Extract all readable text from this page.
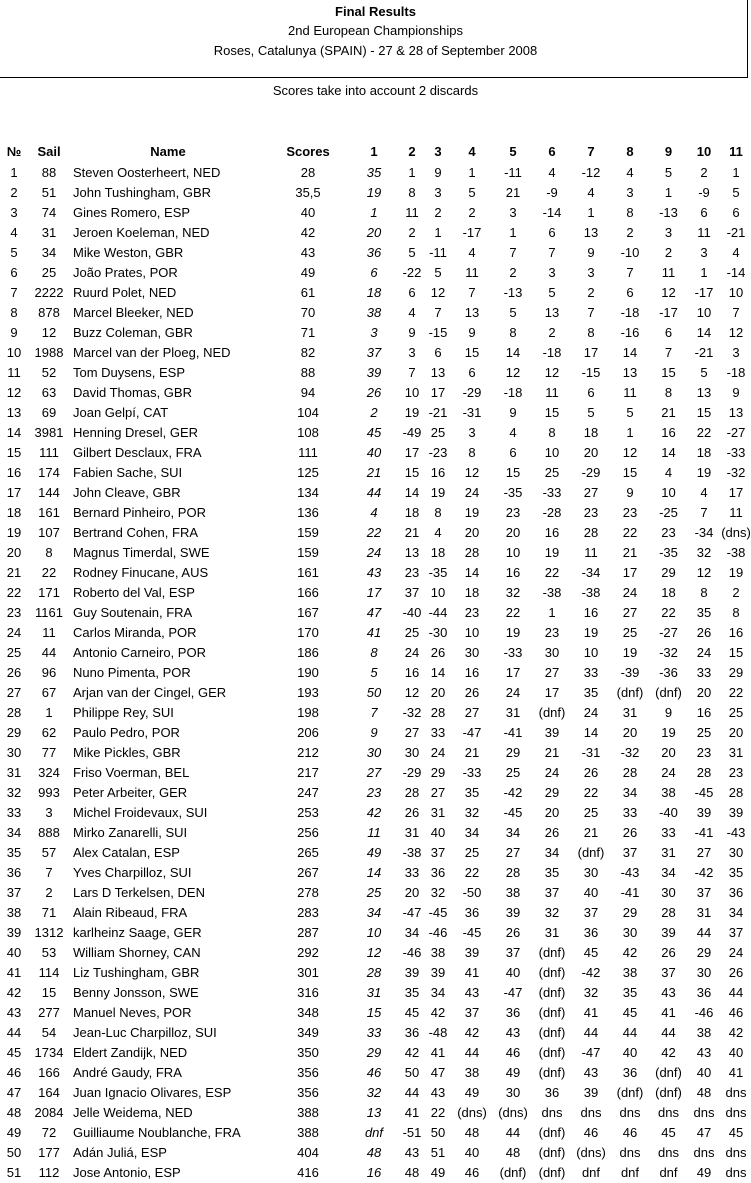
Final Results
2nd European Championships
Roses, Catalunya (SPAIN) - 27 & 28 of September 2008
Scores take into account 2 discards
№	Sail	Name	Scores	1	2	3	4	5	6	7	8	9	10	11
1	88	Steven Oosterheert, NED	28	35	1	9	1	-11	4	-12	4	5	2	1
2	51	John Tushingham, GBR	35,5	19	8	3	5	21	-9	4	3	1	-9	5
3	74	Gines Romero, ESP	40	1	11	2	2	3	-14	1	8	-13	6	6
4	31	Jeroen Koeleman, NED	42	20	2	1	-17	1	6	13	2	3	11	-21
5	34	Mike Weston, GBR	43	36	5	-11	4	7	7	9	-10	2	3	4
6	25	João Prates, POR	49	6	-22	5	11	2	3	3	7	11	1	-14
7	2222	Ruurd Polet, NED	61	18	6	12	7	-13	5	2	6	12	-17	10
8	878	Marcel Bleeker, NED	70	38	4	7	13	5	13	7	-18	-17	10	7
9	12	Buzz Coleman, GBR	71	3	9	-15	9	8	2	8	-16	6	14	12
10	1988	Marcel van der Ploeg, NED	82	37	3	6	15	14	-18	17	14	7	-21	3
11	52	Tom Duysens, ESP	88	39	7	13	6	12	12	-15	13	15	5	-18
12	63	David Thomas, GBR	94	26	10	17	-29	-18	11	6	11	8	13	9
13	69	Joan Gelpí, CAT	104	2	19	-21	-31	9	15	5	5	21	15	13
14	3981	Henning Dresel, GER	108	45	-49	25	3	4	8	18	1	16	22	-27
15	111	Gilbert Desclaux, FRA	111	40	17	-23	8	6	10	20	12	14	18	-33
16	174	Fabien Sache, SUI	125	21	15	16	12	15	25	-29	15	4	19	-32
17	144	John Cleave, GBR	134	44	14	19	24	-35	-33	27	9	10	4	17
18	161	Bernard Pinheiro, POR	136	4	18	8	19	23	-28	23	23	-25	7	11
19	107	Bertrand Cohen, FRA	159	22	21	4	20	20	16	28	22	23	-34	(dns)
20	8	Magnus Timerdal, SWE	159	24	13	18	28	10	19	11	21	-35	32	-38
21	22	Rodney Finucane, AUS	161	43	23	-35	14	16	22	-34	17	29	12	19
22	171	Roberto del Val, ESP	166	17	37	10	18	32	-38	-38	24	18	8	2
23	1161	Guy Soutenain, FRA	167	47	-40	-44	23	22	1	16	27	22	35	8
24	11	Carlos Miranda, POR	170	41	25	-30	10	19	23	19	25	-27	26	16
25	44	Antonio Carneiro, POR	186	8	24	26	30	-33	30	10	19	-32	24	15
26	96	Nuno Pimenta, POR	190	5	16	14	16	17	27	33	-39	-36	33	29
27	67	Arjan van der Cingel, GER	193	50	12	20	26	24	17	35	(dnf)	(dnf)	20	22
28	1	Philippe Rey, SUI	198	7	-32	28	27	31	(dnf)	24	31	9	16	25
29	62	Paulo Pedro, POR	206	9	27	33	-47	-41	39	14	20	19	25	20
30	77	Mike Pickles, GBR	212	30	30	24	21	29	21	-31	-32	20	23	31
31	324	Friso Voerman, BEL	217	27	-29	29	-33	25	24	26	28	24	28	23
32	993	Peter Arbeiter, GER	247	23	28	27	35	-42	29	22	34	38	-45	28
33	3	Michel Froidevaux, SUI	253	42	26	31	32	-45	20	25	33	-40	39	39
34	888	Mirko Zanarelli, SUI	256	11	31	40	34	34	26	21	26	33	-41	-43
35	57	Alex Catalan, ESP	265	49	-38	37	25	27	34	(dnf)	37	31	27	30
36	7	Yves Charpilloz, SUI	267	14	33	36	22	28	35	30	-43	34	-42	35
37	2	Lars D Terkelsen, DEN	278	25	20	32	-50	38	37	40	-41	30	37	36
38	71	Alain Ribeaud, FRA	283	34	-47	-45	36	39	32	37	29	28	31	34
39	1312	karlheinz Saage, GER	287	10	34	-46	-45	26	31	36	30	39	44	37
40	53	William Shorney, CAN	292	12	-46	38	39	37	(dnf)	45	42	26	29	24
41	114	Liz Tushingham, GBR	301	28	39	39	41	40	(dnf)	-42	38	37	30	26
42	15	Benny Jonsson, SWE	316	31	35	34	43	-47	(dnf)	32	35	43	36	44
43	277	Manuel Neves, POR	348	15	45	42	37	36	(dnf)	41	45	41	-46	46
44	54	Jean-Luc Charpilloz, SUI	349	33	36	-48	42	43	(dnf)	44	44	44	38	42
45	1734	Eldert Zandijk, NED	350	29	42	41	44	46	(dnf)	-47	40	42	43	40
46	166	André Gaudy, FRA	356	46	50	47	38	49	(dnf)	43	36	(dnf)	40	41
47	164	Juan Ignacio Olivares, ESP	356	32	44	43	49	30	36	39	(dnf)	(dnf)	48	dns
48	2084	Jelle Weidema, NED	388	13	41	22	(dns)	(dns)	dns	dns	dns	dns	dns	dns
49	72	Guilliaume Noublanche, FRA	388	dnf	-51	50	48	44	(dnf)	46	46	45	47	45
50	177	Adán Juliá, ESP	404	48	43	51	40	48	(dnf)	(dns)	dns	dns	dns	dns
51	112	Jose Antonio, ESP	416	16	48	49	46	(dnf)	(dnf)	dnf	dnf	dnf	49	dns
